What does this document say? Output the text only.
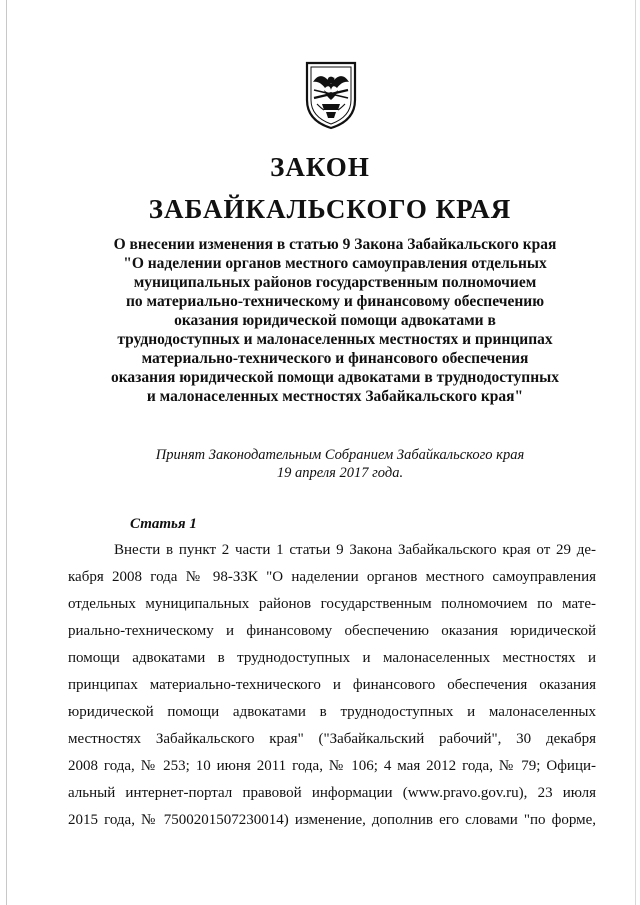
ЗАКОН
ЗАБАЙКАЛЬСКОГО КРАЯ
О внесении изменения в статью 9 Закона Забайкальского края
"О наделении органов местного самоуправления отдельных
муниципальных районов государственным полномочием
по материально-техническому и финансовому обеспечению
оказания юридической помощи адвокатами в
труднодоступных и малонаселенных местностях и принципах
материально-технического и финансового обеспечения
оказания юридической помощи адвокатами в труднодоступных
и малонаселенных местностях Забайкальского края"
Принят Законодательным Собранием Забайкальского края
19 апреля 2017 года.
Статья 1
Внести в пункт 2 части 1 статьи 9 Закона Забайкальского края от 29 де-
кабря 2008 года № 98-ЗЗК "О наделении органов местного самоуправления
отдельных муниципальных районов государственным полномочием по мате-
риально-техническому и финансовому обеспечению оказания юридической
помощи адвокатами в труднодоступных и малонаселенных местностях и
принципах материально-технического и финансового обеспечения оказания
юридической помощи адвокатами в труднодоступных и малонаселенных
местностях Забайкальского края" ("Забайкальский рабочий", 30 декабря
2008 года, № 253; 10 июня 2011 года, № 106; 4 мая 2012 года, № 79; Офици-
альный интернет-портал правовой информации (www.pravo.gov.ru), 23 июля
2015 года, № 7500201507230014) изменение, дополнив его словами "по форме,
